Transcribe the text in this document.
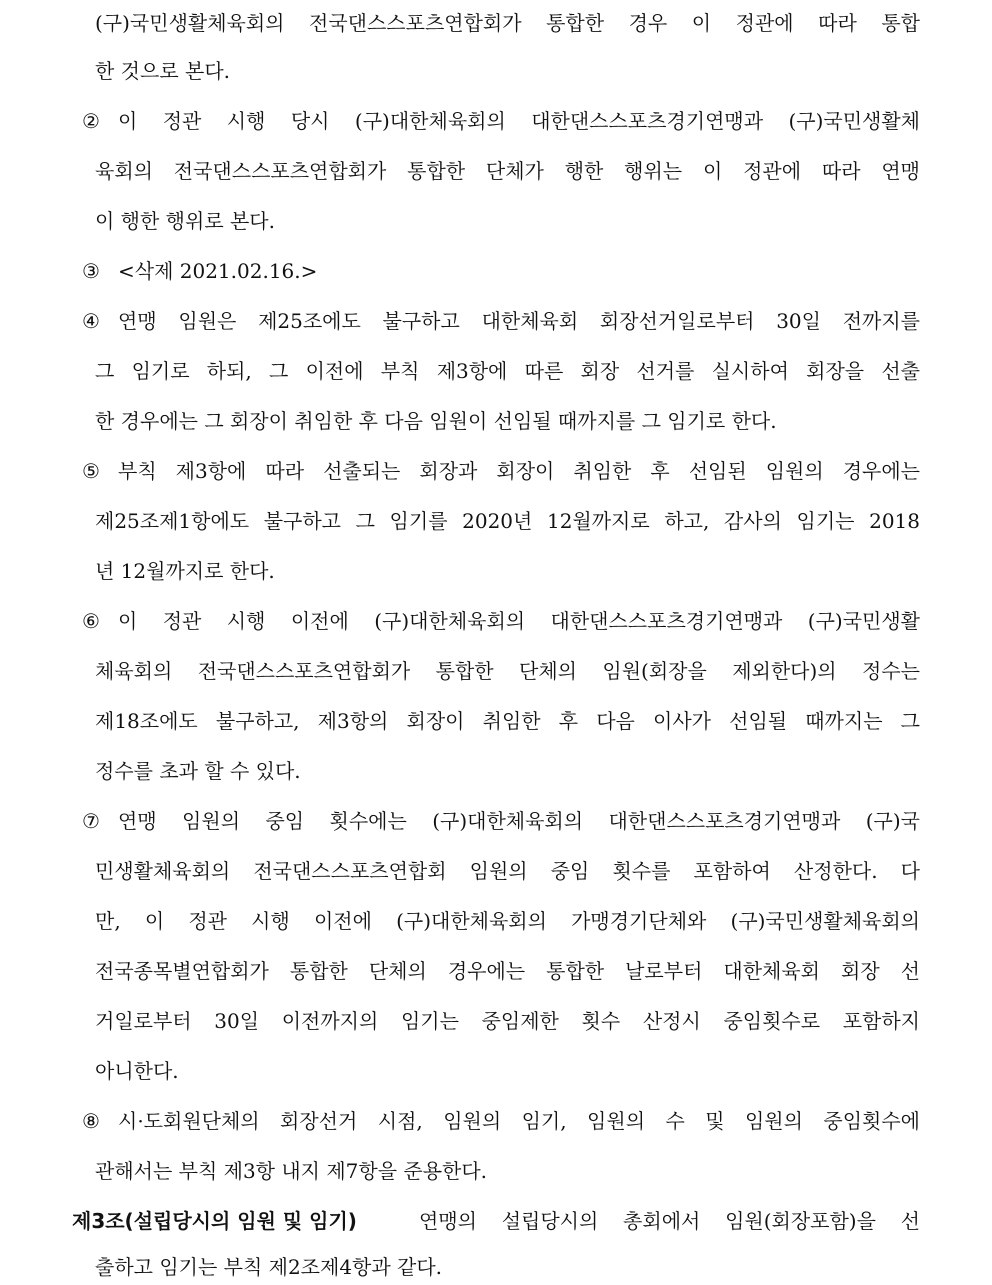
(구)국민생활체육회의 전국댄스스포츠연합회가 통합한 경우 이 정관에 따라 통합
한 것으로 본다.
② 이 정관 시행 당시 (구)대한체육회의 대한댄스스포츠경기연맹과 (구)국민생활체
육회의 전국댄스스포츠연합회가 통합한 단체가 행한 행위는 이 정관에 따라 연맹
이 행한 행위로 본다.
③ <삭제 2021.02.16.>
④ 연맹 임원은 제25조에도 불구하고 대한체육회 회장선거일로부터 30일 전까지를
그 임기로 하되, 그 이전에 부칙 제3항에 따른 회장 선거를 실시하여 회장을 선출
한 경우에는 그 회장이 취임한 후 다음 임원이 선임될 때까지를 그 임기로 한다.
⑤ 부칙 제3항에 따라 선출되는 회장과 회장이 취임한 후 선임된 임원의 경우에는
제25조제1항에도 불구하고 그 임기를 2020년 12월까지로 하고, 감사의 임기는 2018
년 12월까지로 한다.
⑥ 이 정관 시행 이전에 (구)대한체육회의 대한댄스스포츠경기연맹과 (구)국민생활
체육회의 전국댄스스포츠연합회가 통합한 단체의 임원(회장을 제외한다)의 정수는
제18조에도 불구하고, 제3항의 회장이 취임한 후 다음 이사가 선임될 때까지는 그
정수를 초과 할 수 있다.
⑦ 연맹 임원의 중임 횟수에는 (구)대한체육회의 대한댄스스포츠경기연맹과 (구)국
민생활체육회의 전국댄스스포츠연합회 임원의 중임 횟수를 포함하여 산정한다. 다
만, 이 정관 시행 이전에 (구)대한체육회의 가맹경기단체와 (구)국민생활체육회의
전국종목별연합회가 통합한 단체의 경우에는 통합한 날로부터 대한체육회 회장 선
거일로부터 30일 이전까지의 임기는 중임제한 횟수 산정시 중임횟수로 포함하지
아니한다.
⑧ 시·도회원단체의 회장선거 시점, 임원의 임기, 임원의 수 및 임원의 중임횟수에
관해서는 부칙 제3항 내지 제7항을 준용한다.
제3조(설립당시의 임원 및 임기)	연맹의 설립당시의 총회에서 임원(회장포함)을 선
출하고 임기는 부칙 제2조제4항과 같다.
